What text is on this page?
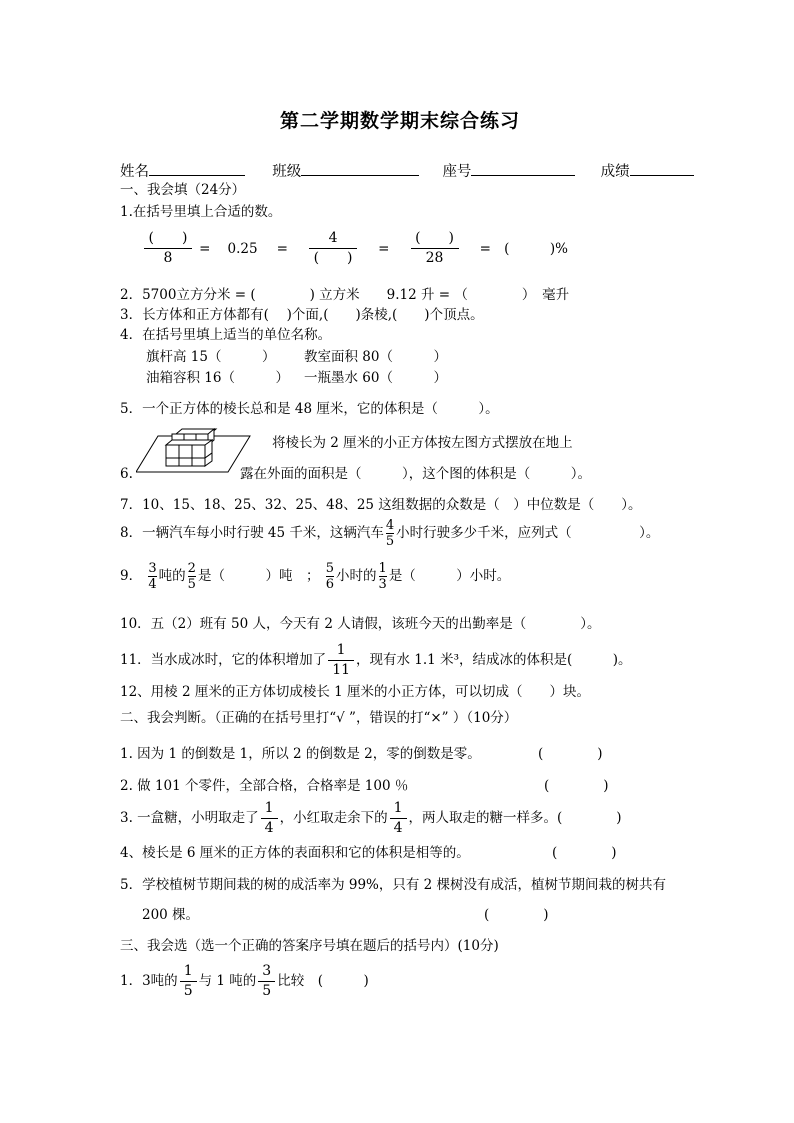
第二学期数学期末综合练习
姓名	班级	座号	成绩
一、我会填（24分）
1.在括号里填上合适的数。
$\frac{( )}{8} = 0.25 = \frac{4}{( )} = \frac{( )}{28}$ = (　　　)%
2．5700立方分米 = (　　　　) 立方米　　9.12 升 = （　　　　）　毫升
3．长方体和正方体都有(　 )个面,(　　)条棱,(　　)个顶点。
4．在括号里填上适当的单位名称。
旗杆高 15（　　　） 教室面积 80（　　　）
油箱容积 16（　　　） 一瓶墨水 60（　　　）
5．一个正方体的棱长总和是 48 厘米，它的体积是（　　　）。
6.
将棱长为 2 厘米的小正方体按左图方式摆放在地上
露在外面的面积是（　　　），这个图的体积是（　　　）。
7．10、15、18、25、32、25、48、25 这组数据的众数是（　）中位数是（　　）。
8．一辆汽车每小时行驶 45 千米，这辆汽车 $\frac{4}{5}$ 小时行驶多少千米，应列式（　　　　　）。
9． $\frac{3}{4}$ 吨的 $\frac{2}{5}$ 是（　　　）吨　； $\frac{5}{6}$ 小时的 $\frac{1}{3}$ 是（　　　）小时。
10．五（2）班有 50 人，今天有 2 人请假，该班今天的出勤率是（　　　　）。
11．当水成冰时，它的体积增加了 $\frac{1}{11}$ ，现有水 1.1 米³，结成冰的体积是(　　　)。
12、用棱 2 厘米的正方体切成棱长 1 厘米的小正方体，可以切成（　　）块。
二、我会判断。（正确的在括号里打“√ ”，错误的打“×” ）（10分）
1. 因为 1 的倒数是 1，所以 2 的倒数是 2，零的倒数是零。	(　　　　)
2. 做 101 个零件，全部合格，合格率是 100 ％	(　　　　)
3. 一盒糖，小明取走了 $\frac{1}{4}$ ，小红取走余下的 $\frac{1}{4}$ ，两人取走的糖一样多。(　　　　)
4、棱长是 6 厘米的正方体的表面积和它的体积是相等的。	(　　　　)
5．学校植树节期间栽的树的成活率为 99%，只有 2 棵树没有成活，植树节期间栽的树共有
200 棵。	(　　　　)
三、我会选（选一个正确的答案序号填在题后的括号内）(10分)
1．3吨的 $\frac{1}{5}$ 与 1 吨的 $\frac{3}{5}$ 比较　(　　　)
